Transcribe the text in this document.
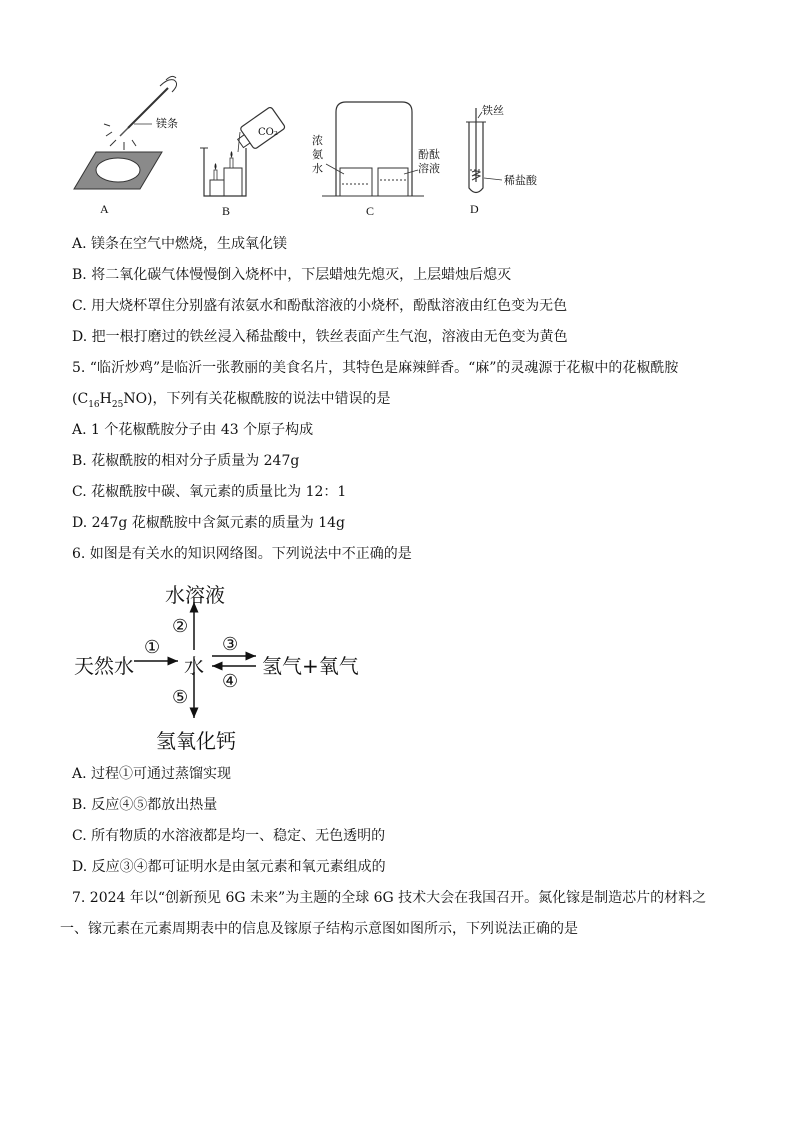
镁条
CO₂
浓氨水
酚酞溶液
铁丝
稀盐酸
A	B	C	D
A. 镁条在空气中燃烧，生成氧化镁
B. 将二氧化碳气体慢慢倒入烧杯中，下层蜡烛先熄灭，上层蜡烛后熄灭
C. 用大烧杯罩住分别盛有浓氨水和酚酞溶液的小烧杯，酚酞溶液由红色变为无色
D. 把一根打磨过的铁丝浸入稀盐酸中，铁丝表面产生气泡，溶液由无色变为黄色
5. “临沂炒鸡”是临沂一张教丽的美食名片，其特色是麻辣鲜香。“麻”的灵魂源于花椒中的花椒酰胺
$(C_{16}H_{25}NO)$，下列有关花椒酰胺的说法中错误的是
A. 1 个花椒酰胺分子由 43 个原子构成
B. 花椒酰胺的相对分子质量为 247g
C. 花椒酰胺中碳、氧元素的质量比为 12：1
D. 247g 花椒酰胺中含氮元素的质量为 14g
6. 如图是有关水的知识网络图。下列说法中不正确的是
水溶液
天然水	水	氢气+氧气
氢氧化钙
①
②
③
④
⑤
A. 过程①可通过蒸馏实现
B. 反应④⑤都放出热量
C. 所有物质的水溶液都是均一、稳定、无色透明的
D. 反应③④都可证明水是由氢元素和氧元素组成的
7. 2024 年以“创新预见 6G 未来”为主题的全球 6G 技术大会在我国召开。氮化镓是制造芯片的材料之
一、镓元素在元素周期表中的信息及镓原子结构示意图如图所示，下列说法正确的是
